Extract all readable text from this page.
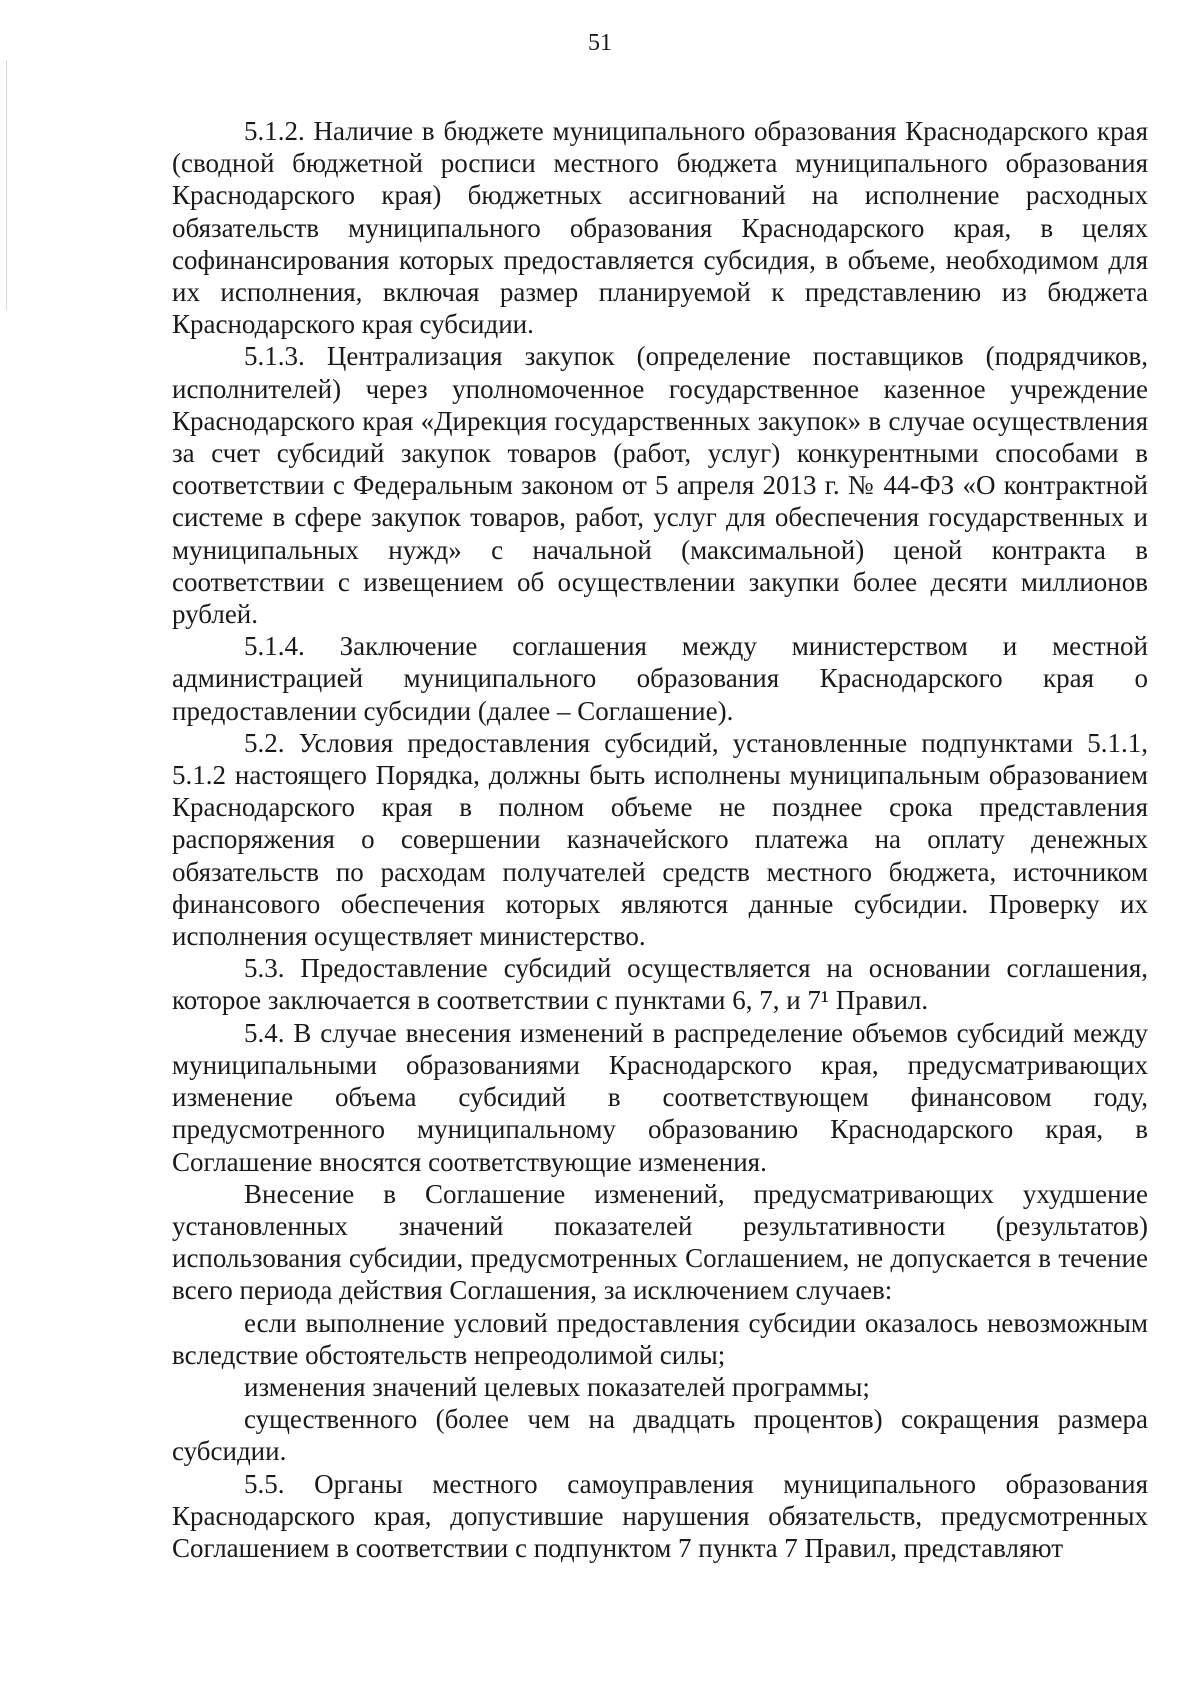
51

5.1.2. Наличие в бюджете муниципального образования Краснодарского края (сводной бюджетной росписи местного бюджета муниципального образования Краснодарского края) бюджетных ассигнований на исполнение расходных обязательств муниципального образования Краснодарского края, в целях софинансирования которых предоставляется субсидия, в объеме, необходимом для их исполнения, включая размер планируемой к представлению из бюджета Краснодарского края субсидии.

5.1.3. Централизация закупок (определение поставщиков (подрядчиков, исполнителей) через уполномоченное государственное казенное учреждение Краснодарского края «Дирекция государственных закупок» в случае осуществления за счет субсидий закупок товаров (работ, услуг) конкурентными способами в соответствии с Федеральным законом от 5 апреля 2013 г. № 44-ФЗ «О контрактной системе в сфере закупок товаров, работ, услуг для обеспечения государственных и муниципальных нужд» с начальной (максимальной) ценой контракта в соответствии с извещением об осуществлении закупки более десяти миллионов рублей.

5.1.4. Заключение соглашения между министерством и местной администрацией муниципального образования Краснодарского края о предоставлении субсидии (далее – Соглашение).

5.2. Условия предоставления субсидий, установленные подпунктами 5.1.1, 5.1.2 настоящего Порядка, должны быть исполнены муниципальным образованием Краснодарского края в полном объеме не позднее срока представления распоряжения о совершении казначейского платежа на оплату денежных обязательств по расходам получателей средств местного бюджета, источником финансового обеспечения которых являются данные субсидии. Проверку их исполнения осуществляет министерство.

5.3. Предоставление субсидий осуществляется на основании соглашения, которое заключается в соответствии с пунктами 6, 7, и 7¹ Правил.

5.4. В случае внесения изменений в распределение объемов субсидий между муниципальными образованиями Краснодарского края, предусматривающих изменение объема субсидий в соответствующем финансовом году, предусмотренного муниципальному образованию Краснодарского края, в Соглашение вносятся соответствующие изменения.

Внесение в Соглашение изменений, предусматривающих ухудшение установленных значений показателей результативности (результатов) использования субсидии, предусмотренных Соглашением, не допускается в течение всего периода действия Соглашения, за исключением случаев:

если выполнение условий предоставления субсидии оказалось невозможным вследствие обстоятельств непреодолимой силы;

изменения значений целевых показателей программы;

существенного (более чем на двадцать процентов) сокращения размера субсидии.

5.5. Органы местного самоуправления муниципального образования Краснодарского края, допустившие нарушения обязательств, предусмотренных Соглашением в соответствии с подпунктом 7 пункта 7 Правил, представляют
